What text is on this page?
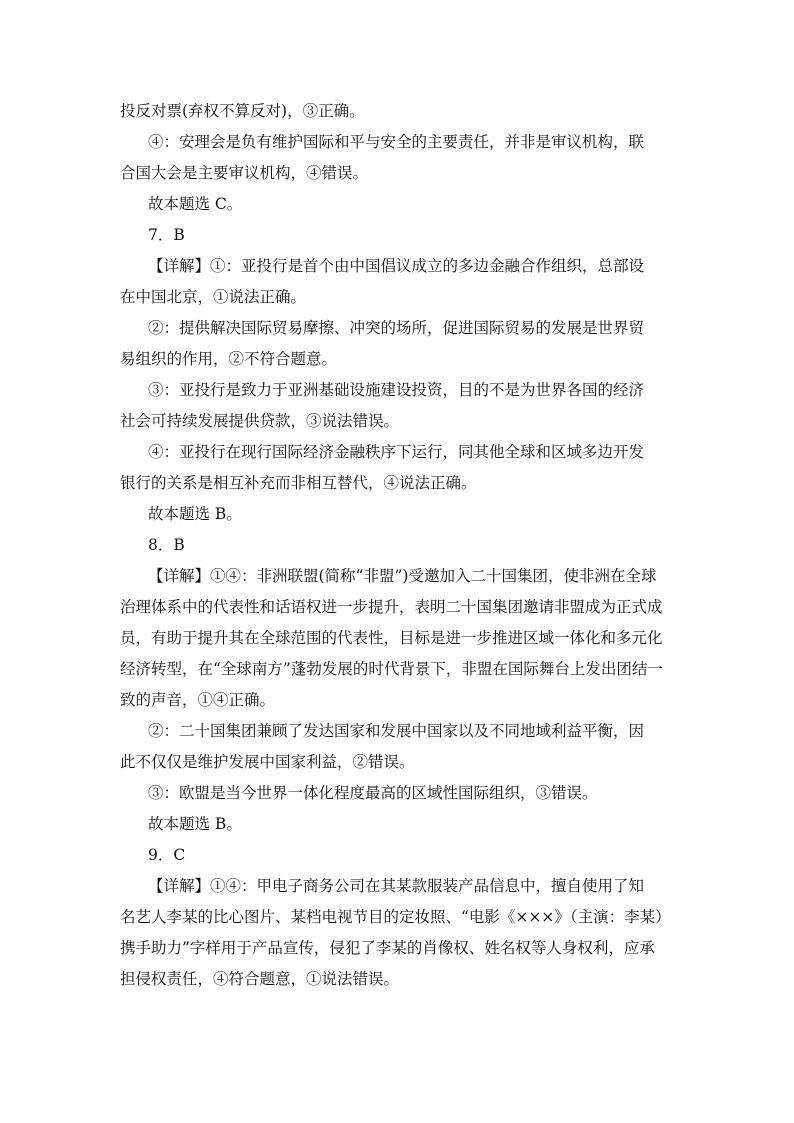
投反对票(弃权不算反对)，③正确。
④：安理会是负有维护国际和平与安全的主要责任，并非是审议机构，联
合国大会是主要审议机构，④错误。
故本题选 C。
7．B
【详解】①：亚投行是首个由中国倡议成立的多边金融合作组织，总部设
在中国北京，①说法正确。
②：提供解决国际贸易摩擦、冲突的场所，促进国际贸易的发展是世界贸
易组织的作用，②不符合题意。
③：亚投行是致力于亚洲基础设施建设投资，目的不是为世界各国的经济
社会可持续发展提供贷款，③说法错误。
④：亚投行在现行国际经济金融秩序下运行，同其他全球和区域多边开发
银行的关系是相互补充而非相互替代，④说法正确。
故本题选 B。
8．B
【详解】①④：非洲联盟(简称“非盟”)受邀加入二十国集团，使非洲在全球
治理体系中的代表性和话语权进一步提升，表明二十国集团邀请非盟成为正式成
员，有助于提升其在全球范围的代表性，目标是进一步推进区域一体化和多元化
经济转型，在“全球南方”蓬勃发展的时代背景下，非盟在国际舞台上发出团结一
致的声音，①④正确。
②：二十国集团兼顾了发达国家和发展中国家以及不同地域利益平衡，因
此不仅仅是维护发展中国家利益，②错误。
③：欧盟是当今世界一体化程度最高的区域性国际组织，③错误。
故本题选 B。
9．C
【详解】①④：甲电子商务公司在其某款服装产品信息中，擅自使用了知
名艺人李某的比心图片、某档电视节目的定妆照、“电影《×××》（主演：李某）
携手助力”字样用于产品宣传，侵犯了李某的肖像权、姓名权等人身权利，应承
担侵权责任，④符合题意，①说法错误。
